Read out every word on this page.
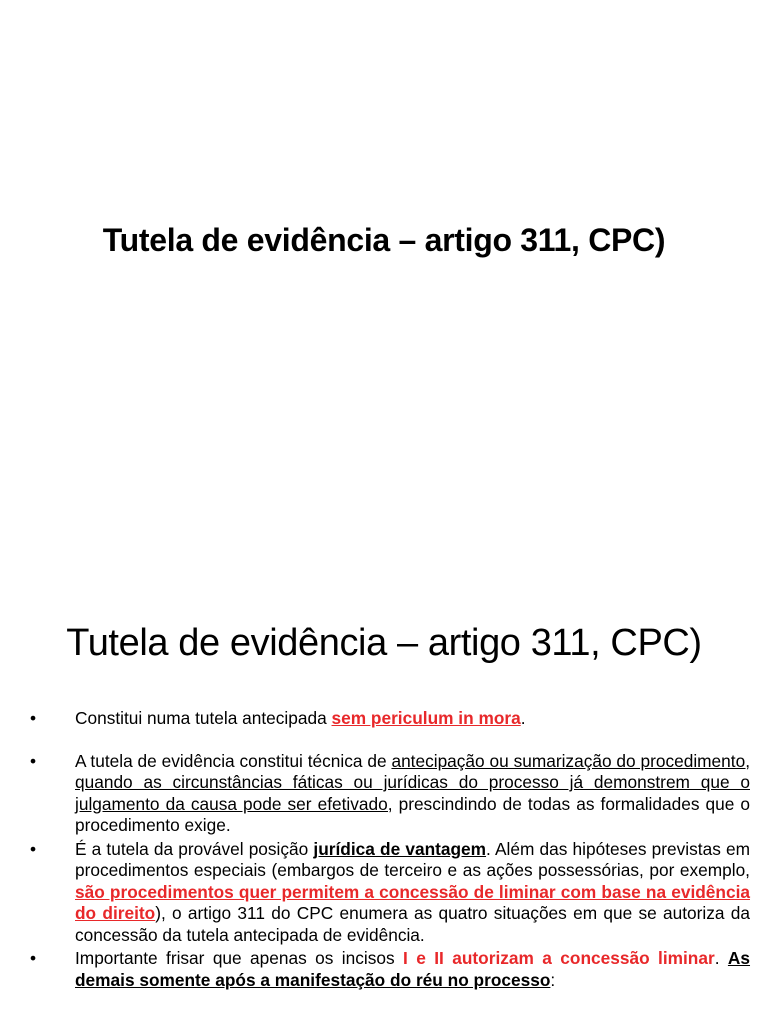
Tutela de evidência – artigo 311, CPC)
Tutela de evidência – artigo 311, CPC)
• Constitui numa tutela antecipada sem periculum in mora.
• A tutela de evidência constitui técnica de antecipação ou sumarização do procedimento, quando as circunstâncias fáticas ou jurídicas do processo já demonstrem que o julgamento da causa pode ser efetivado, prescindindo de todas as formalidades que o procedimento exige.
• É a tutela da provável posição jurídica de vantagem. Além das hipóteses previstas em procedimentos especiais (embargos de terceiro e as ações possessórias, por exemplo, são procedimentos quer permitem a concessão de liminar com base na evidência do direito), o artigo 311 do CPC enumera as quatro situações em que se autoriza da concessão da tutela antecipada de evidência.
• Importante frisar que apenas os incisos I e II autorizam a concessão liminar. As demais somente após a manifestação do réu no processo:
